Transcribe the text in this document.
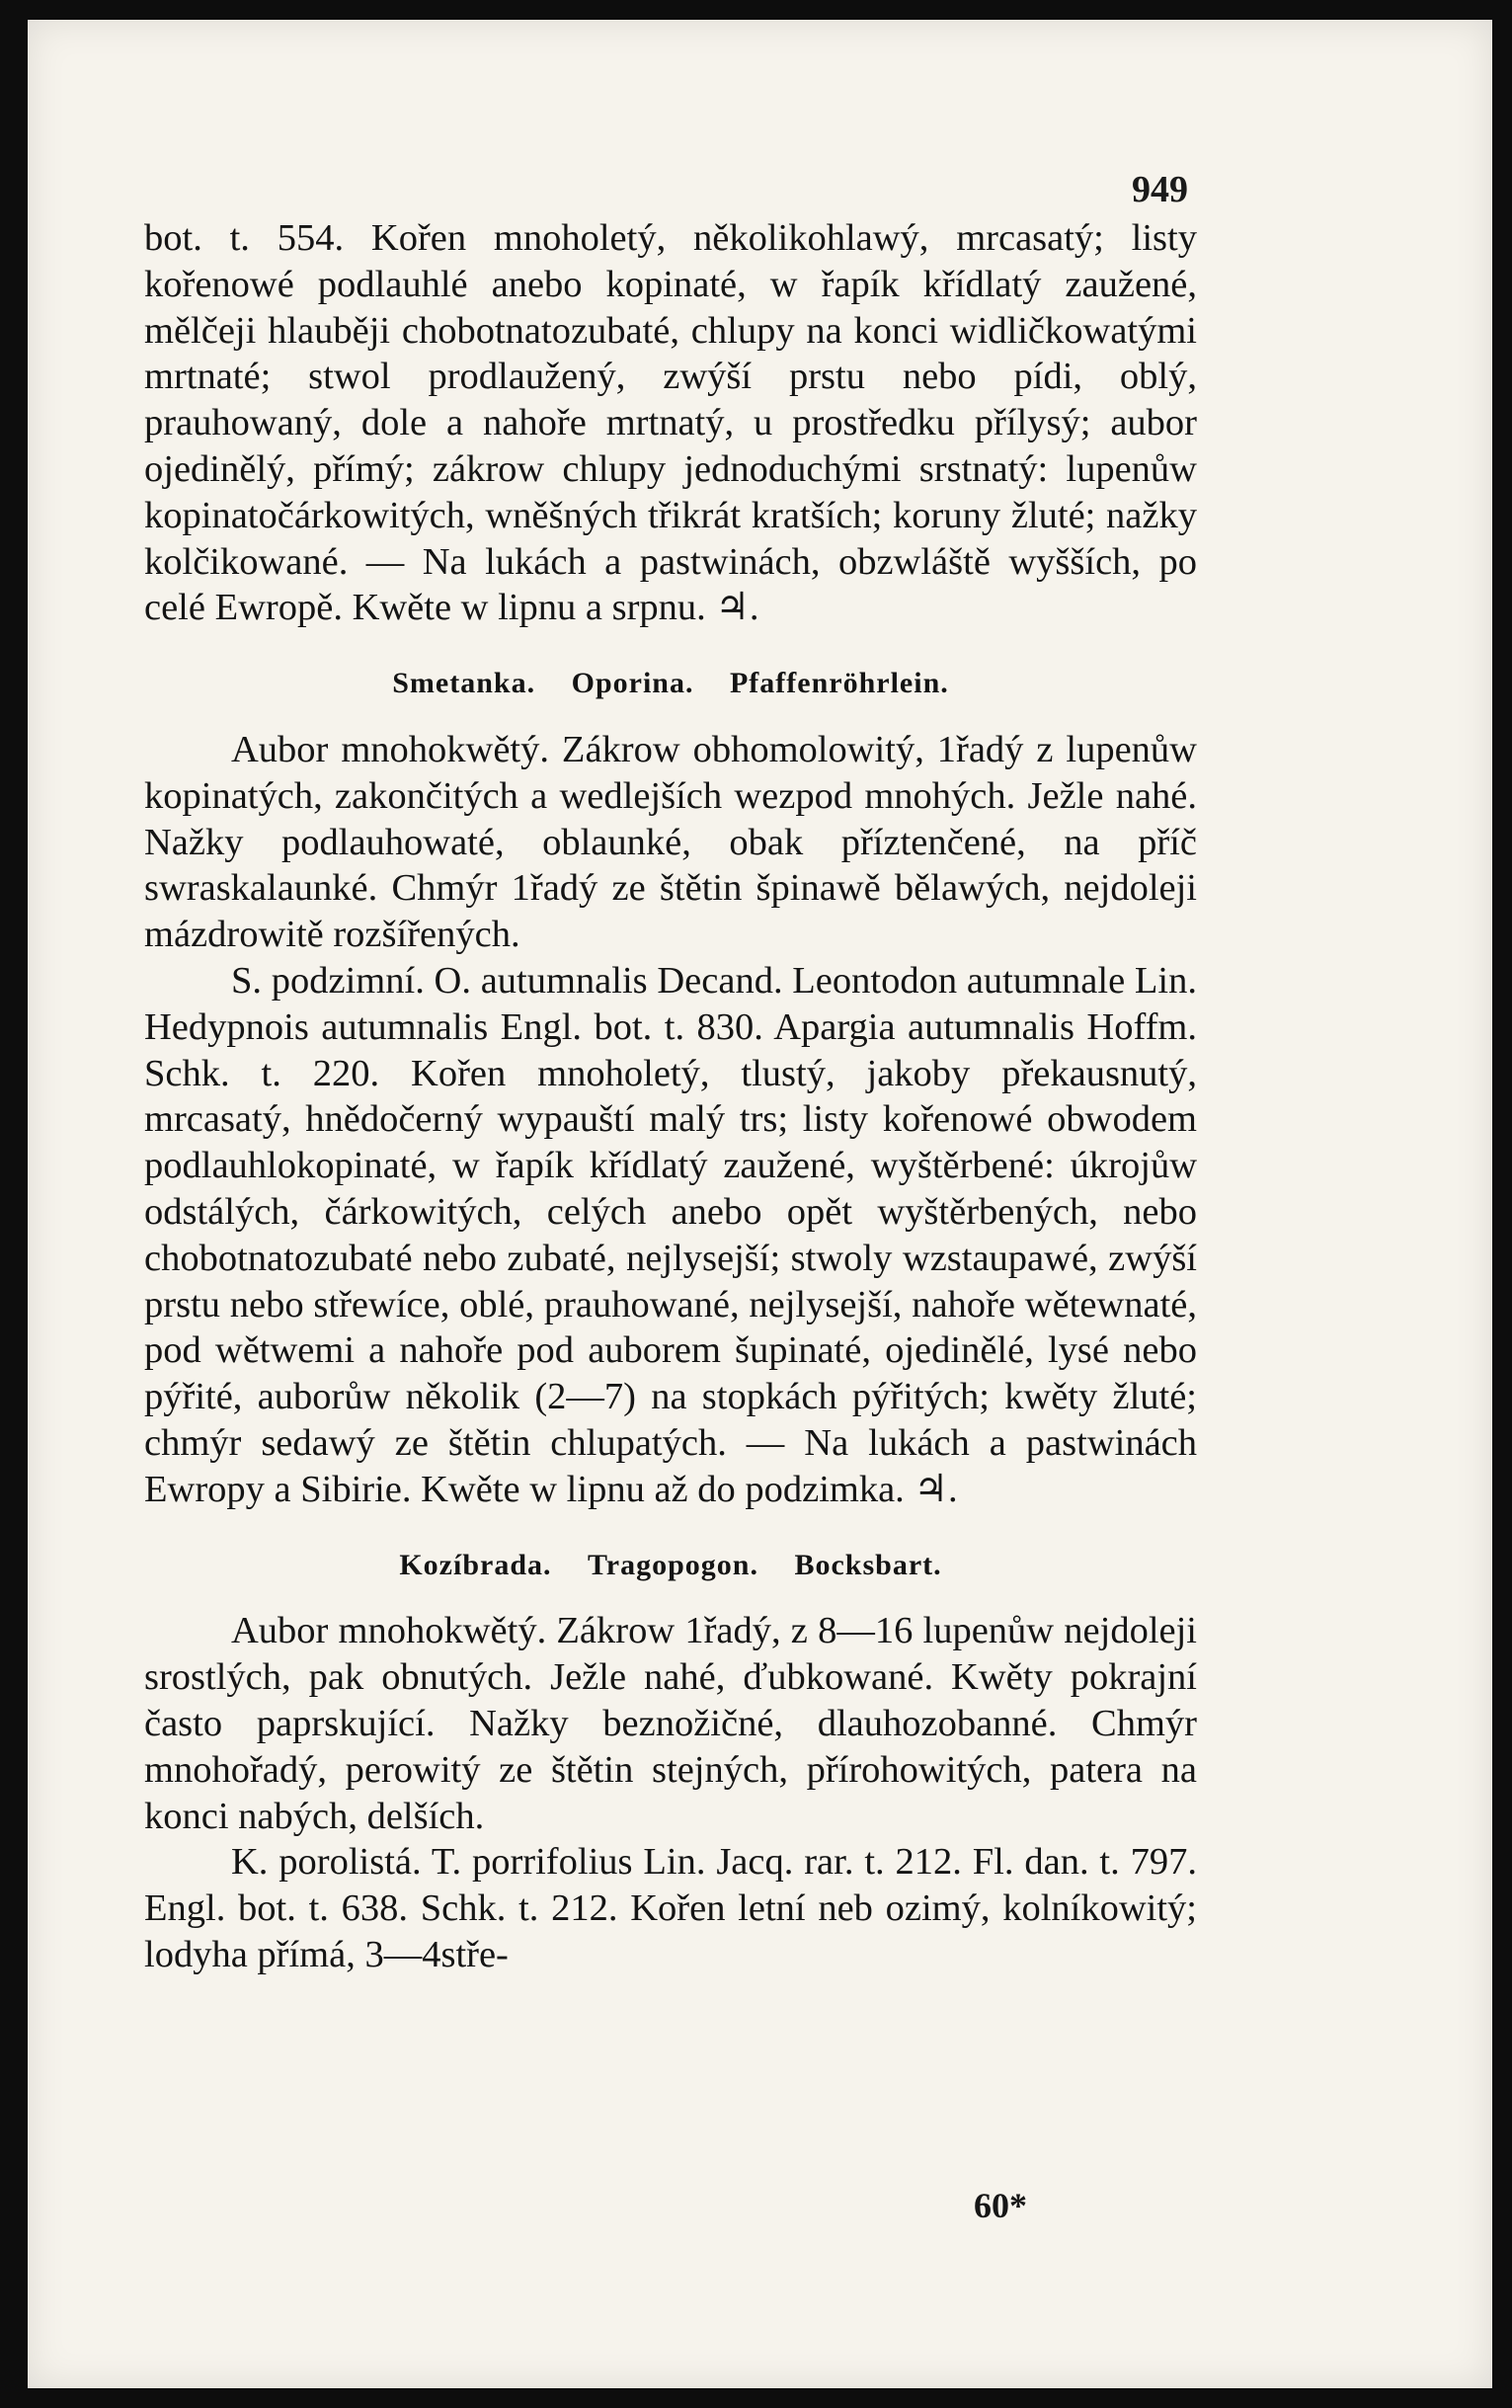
949

bot. t. 554. Kořen mnoholetý, několikohlawý, mrcasatý; listy kořenowé podlauhlé anebo kopinaté, w řapík křídlatý zaužené, mělčeji hlauběji chobotnatozubaté, chlupy na konci widličkowatými mrtnaté; stwol prodlaužený, zwýší prstu nebo pídi, oblý, prauhowaný, dole a nahoře mrtnatý, u prostředku přílysý; aubor ojedinělý, přímý; zákrow chlupy jednoduchými srstnatý: lupenůw kopinatočárkowitých, wněšných třikrát kratších; koruny žluté; nažky kolčikowané. — Na lukách a pastwinách, obzwláště wyšších, po celé Ewropě. Kwěte w lipnu a srpnu. ♃.

Smetanka. Oporina. Pfaffenröhrlein.

Aubor mnohokwětý. Zákrow obhomolowitý, 1řadý z lupenůw kopinatých, zakončitých a wedlejších wezpod mnohých. Ježle nahé. Nažky podlauhowaté, oblaunké, obak příztenčené, na příč swraskalaunké. Chmýr 1řadý ze štětin špinawě bělawých, nejdoleji mázdrowitě rozšířených.

S. podzimní. O. autumnalis Decand. Leontodon autumnale Lin. Hedypnois autumnalis Engl. bot. t. 830. Apargia autumnalis Hoffm. Schk. t. 220. Kořen mnoholetý, tlustý, jakoby překausnutý, mrcasatý, hnědočerný wypauští malý trs; listy kořenowé obwodem podlauhlokopinaté, w řapík křídlatý zaužené, wyštěrbené: úkrojůw odstálých, čárkowitých, celých anebo opět wyštěrbených, nebo chobotnatozubaté nebo zubaté, nejlysejší; stwoly wzstaupawé, zwýší prstu nebo střewíce, oblé, prauhowané, nejlysejší, nahoře wětewnaté, pod wětwemi a nahoře pod auborem šupinaté, ojedinělé, lysé nebo pýřité, auborůw několik (2—7) na stopkách pýřitých; kwěty žluté; chmýr sedawý ze štětin chlupatých. — Na lukách a pastwinách Ewropy a Sibirie. Kwěte w lipnu až do podzimka. ♃.

Kozíbrada. Tragopogon. Bocksbart.

Aubor mnohokwětý. Zákrow 1řadý, z 8—16 lupenůw nejdoleji srostlých, pak obnutých. Ježle nahé, ďubkowané. Kwěty pokrajní často paprskující. Nažky beznožičné, dlauhozobanné. Chmýr mnohořadý, perowitý ze štětin stejných, přírohowitých, patera na konci nabých, delších.

K. porolistá. T. porrifolius Lin. Jacq. rar. t. 212. Fl. dan. t. 797. Engl. bot. t. 638. Schk. t. 212. Kořen letní neb ozimý, kolníkowitý; lodyha přímá, 3—4stře-

60*
